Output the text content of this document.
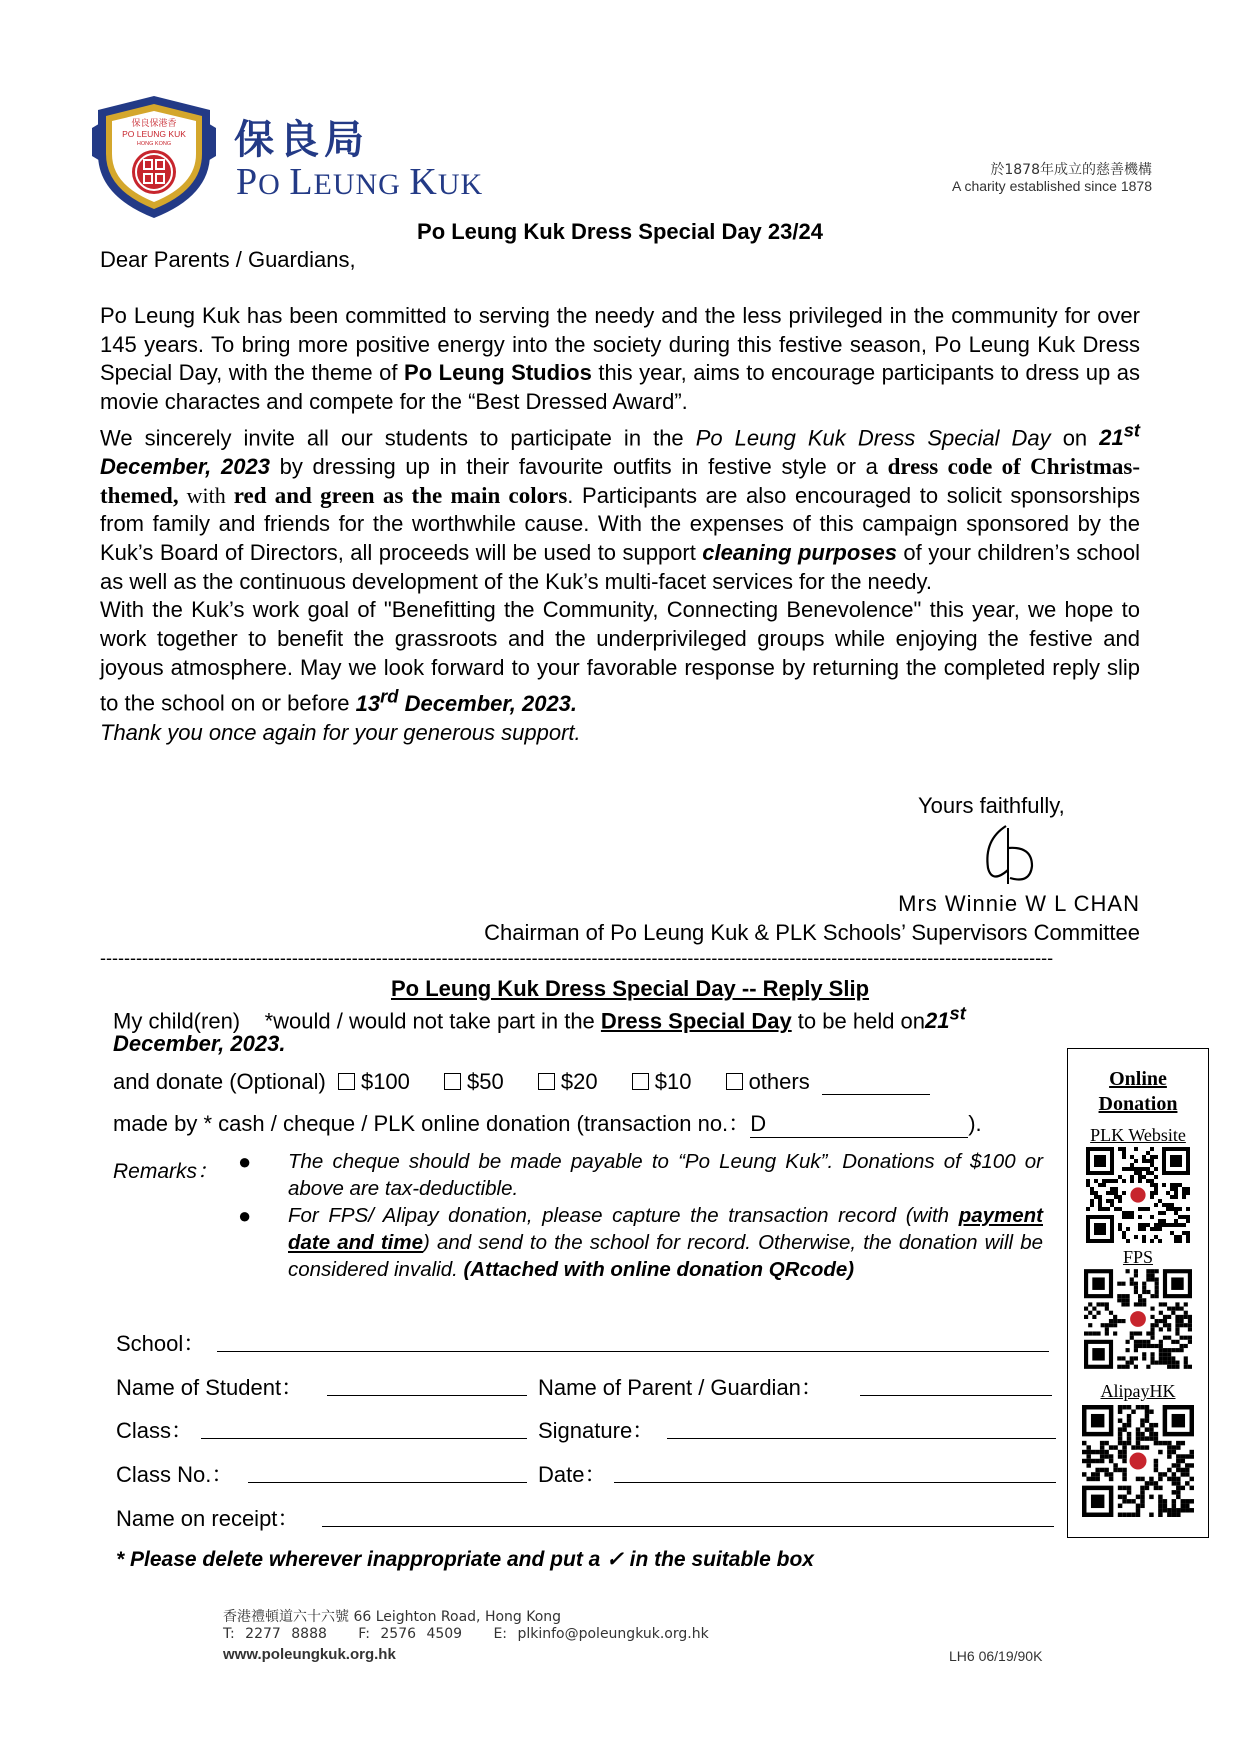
保良保港香
PO LEUNG KUK
HONG KONG 保良局
PO LEUNG KUK	於1878年成立的慈善機構
A charity established since 1878
Po Leung Kuk Dress Special Day 23/24
Dear Parents / Guardians,

Po Leung Kuk has been committed to serving the needy and the less privileged in the community for over 145 years. To bring more positive energy into the society during this festive season, Po Leung Kuk Dress Special Day, with the theme of Po Leung Studios this year, aims to encourage participants to dress up as movie charactes and compete for the “Best Dressed Award”.

We sincerely invite all our students to participate in the Po Leung Kuk Dress Special Day on 21st December, 2023 by dressing up in their favourite outfits in festive style or a dress code of Christmas-themed, with red and green as the main colors. Participants are also encouraged to solicit sponsorships from family and friends for the worthwhile cause. With the expenses of this campaign sponsored by the Kuk’s Board of Directors, all proceeds will be used to support cleaning purposes of your children’s school as well as the continuous development of the Kuk’s multi-facet services for the needy.

With the Kuk’s work goal of "Benefitting the Community, Connecting Benevolence" this year, we hope to work together to benefit the grassroots and the underprivileged groups while enjoying the festive and joyous atmosphere. May we look forward to your favorable response by returning the completed reply slip to the school on or before 13rd December, 2023.

Thank you once again for your generous support.

Yours faithfully,
Mrs Winnie W L CHAN
Chairman of Po Leung Kuk & PLK Schools’ Supervisors Committee
---------------------------------------------------------------------------------------------------------------------------------------------------------------
Po Leung Kuk Dress Special Day -- Reply Slip
My child(ren)    *would / would not take part in the Dress Special Day to be held on21st
December, 2023.
and donate (Optional) $100	$50	$20	$10	others
made by * cash / cheque / PLK online donation (transaction no.：D	).
Remarks： ● The cheque should be made payable to “Po Leung Kuk”. Donations of $100 or above are tax-deductible.
● For FPS/ Alipay donation, please capture the transaction record (with payment date and time) and send to the school for record. Otherwise, the donation will be considered invalid. (Attached with online donation QRcode)
School：
Name of Student：	Name of Parent / Guardian：
Class：	Signature：
Class No.：	Date：
Name on receipt：
* Please delete wherever inappropriate and put a ✓ in the suitable box
Online
Donation
PLK Website
FPS
AlipayHK
香港禮頓道六十六號 66 Leighton Road, Hong Kong
T: 2277 8888 F: 2576 4509 E: plkinfo@poleungkuk.org.hk
www.poleungkuk.org.hk	LH6 06/19/90K
